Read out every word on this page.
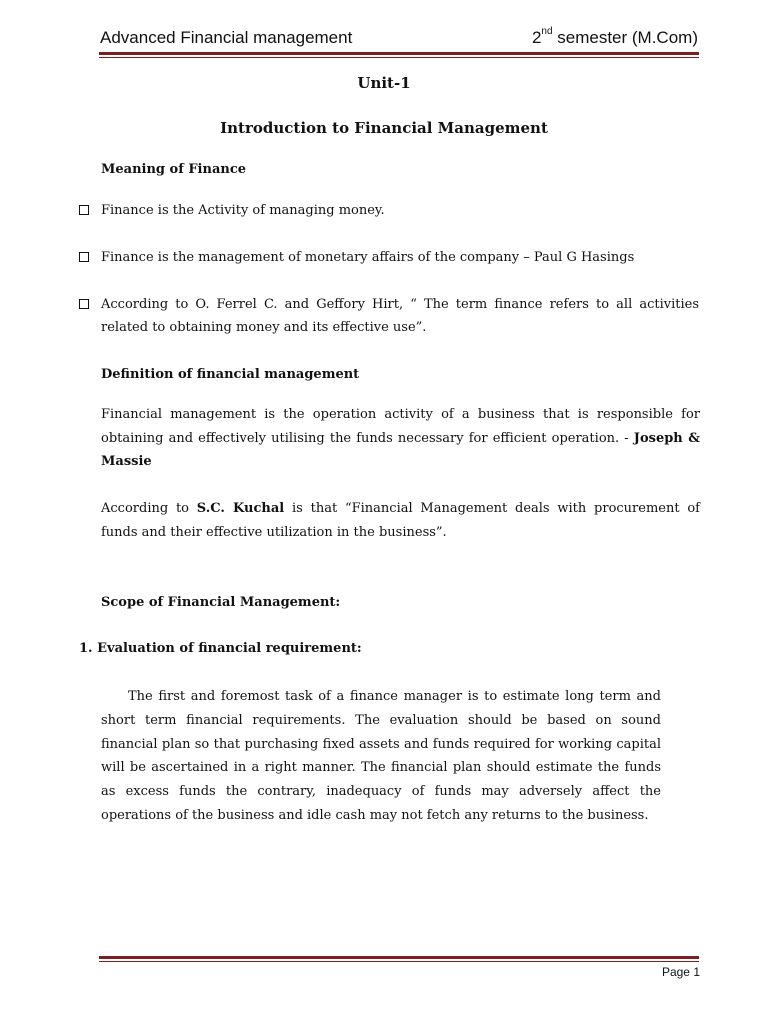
Advanced Financial management	2nd semester (M.Com)
Unit-1
Introduction to Financial Management
Meaning of Finance
Finance is the Activity of managing money.
Finance is the management of monetary affairs of the company – Paul G Hasings
According to O. Ferrel C. and Geffory Hirt, “ The term finance refers to all activities related to obtaining money and its effective use”.
Definition of financial management
Financial management is the operation activity of a business that is responsible for obtaining and effectively utilising the funds necessary for efficient operation. - Joseph & Massie
According to S.C. Kuchal is that “Financial Management deals with procurement of funds and their effective utilization in the business”.
Scope of Financial Management:
1. Evaluation of financial requirement:
The first and foremost task of a finance manager is to estimate long term and short term financial requirements. The evaluation should be based on sound financial plan so that purchasing fixed assets and funds required for working capital will be ascertained in a right manner. The financial plan should estimate the funds as excess funds the contrary, inadequacy of funds may adversely affect the operations of the business and idle cash may not fetch any returns to the business.
Page 1
